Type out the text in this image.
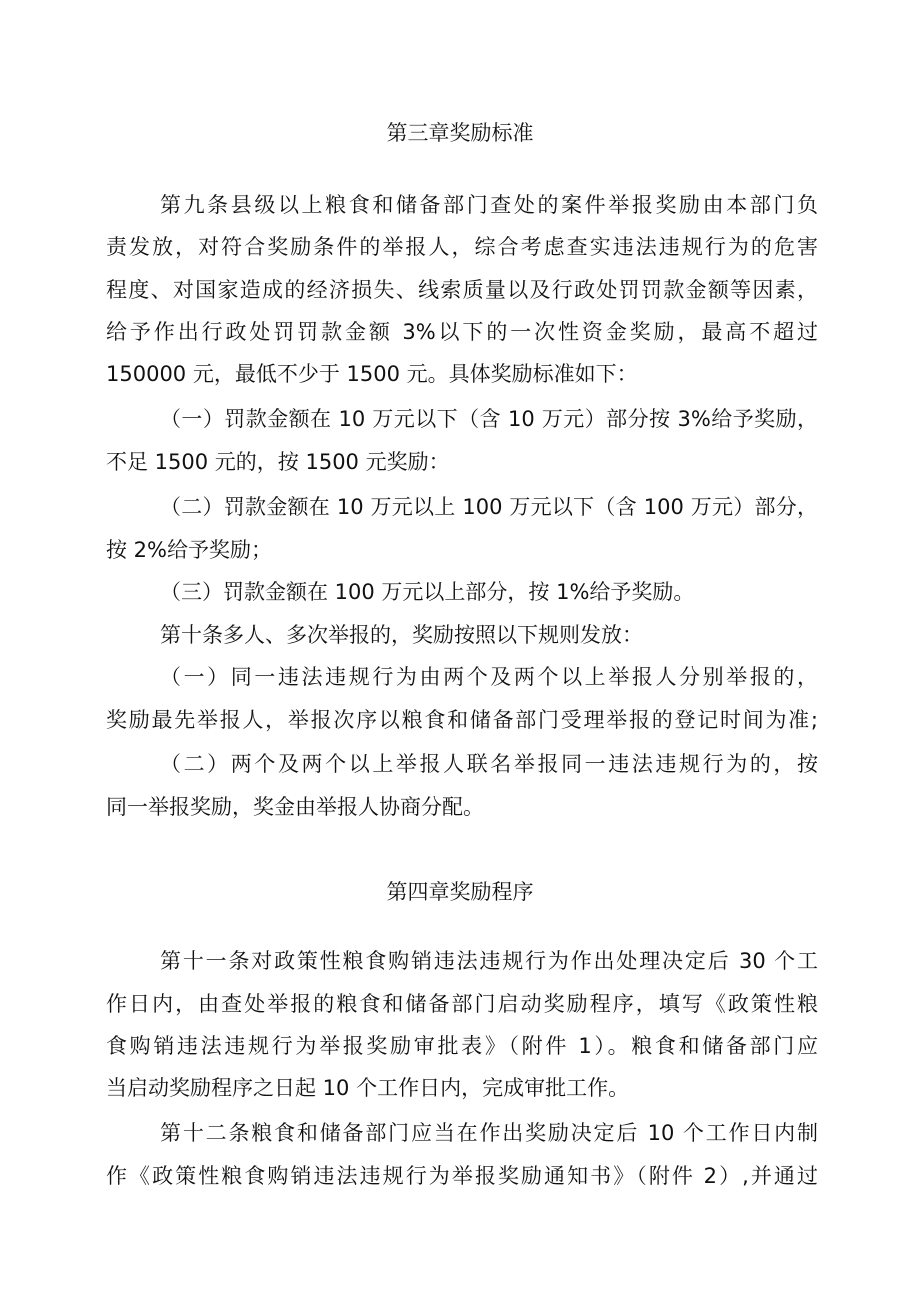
第三章奖励标准
第九条县级以上粮食和储备部门查处的案件举报奖励由本部门负
责发放，对符合奖励条件的举报人，综合考虑查实违法违规行为的危害
程度、对国家造成的经济损失、线索质量以及行政处罚罚款金额等因素，
给予作出行政处罚罚款金额 3%以下的一次性资金奖励，最高不超过
150000 元，最低不少于 1500 元。具体奖励标准如下：
（一）罚款金额在 10 万元以下（含 10 万元）部分按 3%给予奖励，
不足 1500 元的，按 1500 元奖励：
（二）罚款金额在 10 万元以上 100 万元以下（含 100 万元）部分，
按 2%给予奖励；
（三）罚款金额在 100 万元以上部分，按 1%给予奖励。
第十条多人、多次举报的，奖励按照以下规则发放：
（一）同一违法违规行为由两个及两个以上举报人分别举报的，
奖励最先举报人，举报次序以粮食和储备部门受理举报的登记时间为准;
（二）两个及两个以上举报人联名举报同一违法违规行为的，按
同一举报奖励，奖金由举报人协商分配。
第四章奖励程序
第十一条对政策性粮食购销违法违规行为作出处理决定后 30 个工
作日内，由查处举报的粮食和储备部门启动奖励程序，填写《政策性粮
食购销违法违规行为举报奖励审批表》（附件 1）。粮食和储备部门应
当启动奖励程序之日起 10 个工作日内，完成审批工作。
第十二条粮食和储备部门应当在作出奖励决定后 10 个工作日内制
作《政策性粮食购销违法违规行为举报奖励通知书》（附件 2）,并通过
